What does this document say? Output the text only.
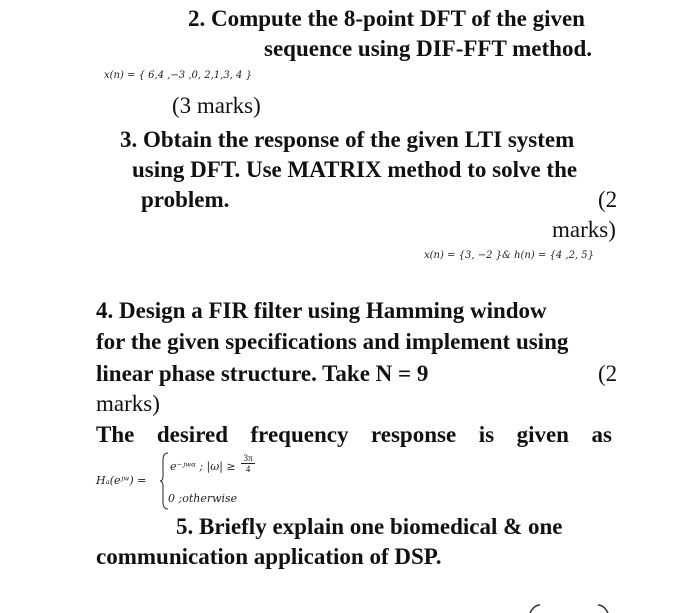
2. Compute the 8-point DFT of the given
sequence using DIF-FFT method.
x(n) = { 6,4 ,−3 ,0, 2,1,3, 4 }
(3 marks)
3. Obtain the response of the given LTI system
using DFT. Use MATRIX method to solve the
problem.	(2
marks)
x(n) = {3, −2 }& h(n) = {4 ,2, 5}
4. Design a FIR filter using Hamming window
for the given specifications and implement using
linear phase structure. Take N = 9	(2
marks)
The desired frequency response is given as
Hₐ(eʲʷ) =
e⁻ʲʷᵅ ; $|\omega| \ge \frac{3\pi}{4}$
0 ;otherwise
5. Briefly explain one biomedical & one
communication application of DSP.
